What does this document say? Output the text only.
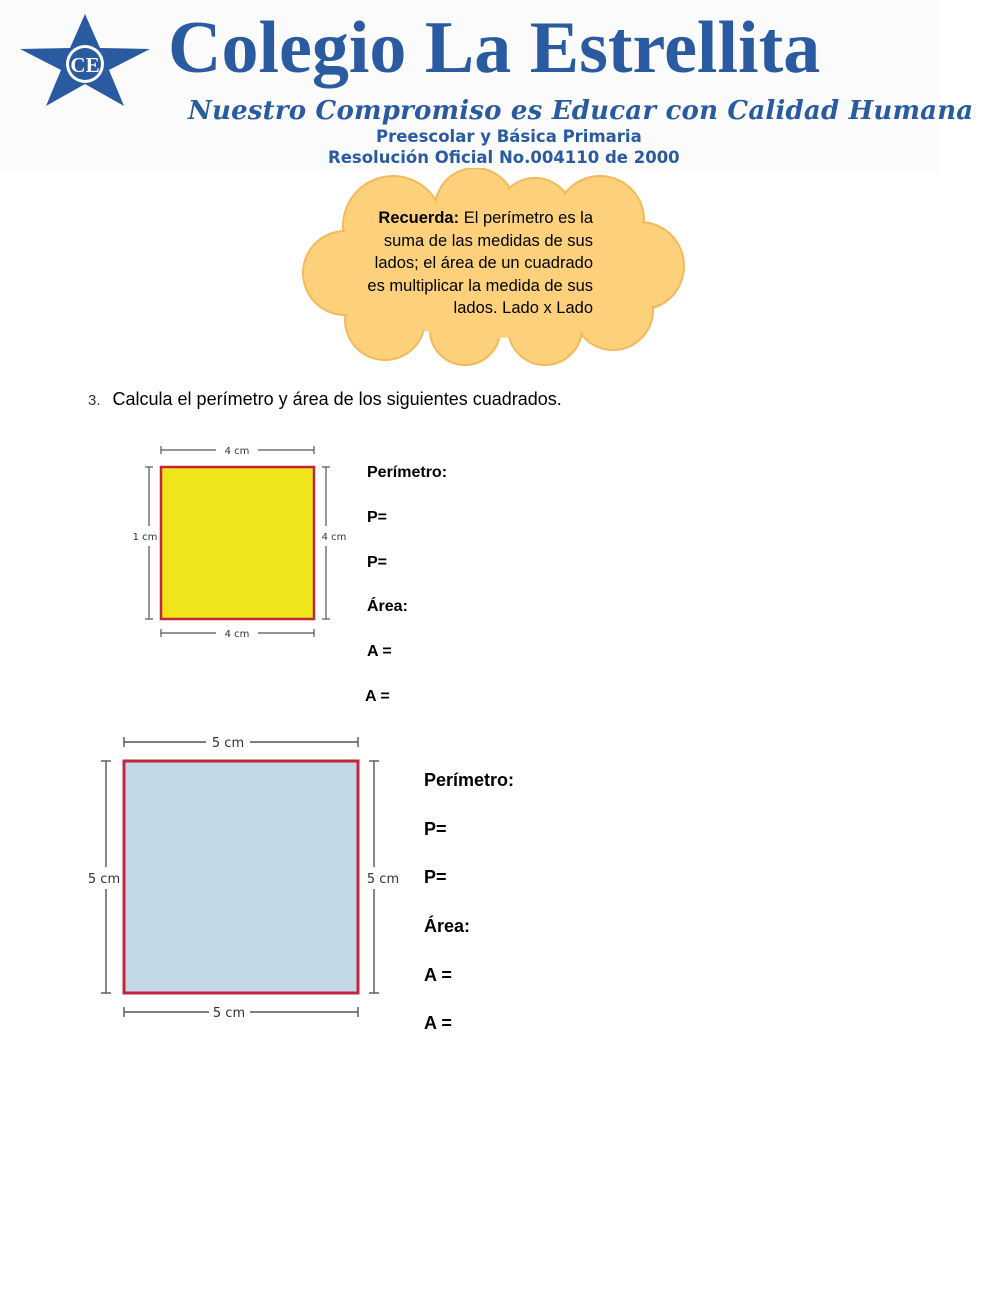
CE Colegio La Estrellita
Nuestro Compromiso es Educar con Calidad Humana
Preescolar y Básica Primaria
Resolución Oficial No.004110 de 2000
Recuerda: El perímetro es la suma de las medidas de sus lados; el área de un cuadrado es multiplicar la medida de sus lados. Lado x Lado
3. Calcula el perímetro y área de los siguientes cuadrados.
4 cm
4 cm
1 cm	4 cm
Perímetro:
P=
P=
Área:
A =
A =
5 cm
5 cm
5 cm	5 cm
Perímetro:
P=
P=
Área:
A =
A =
